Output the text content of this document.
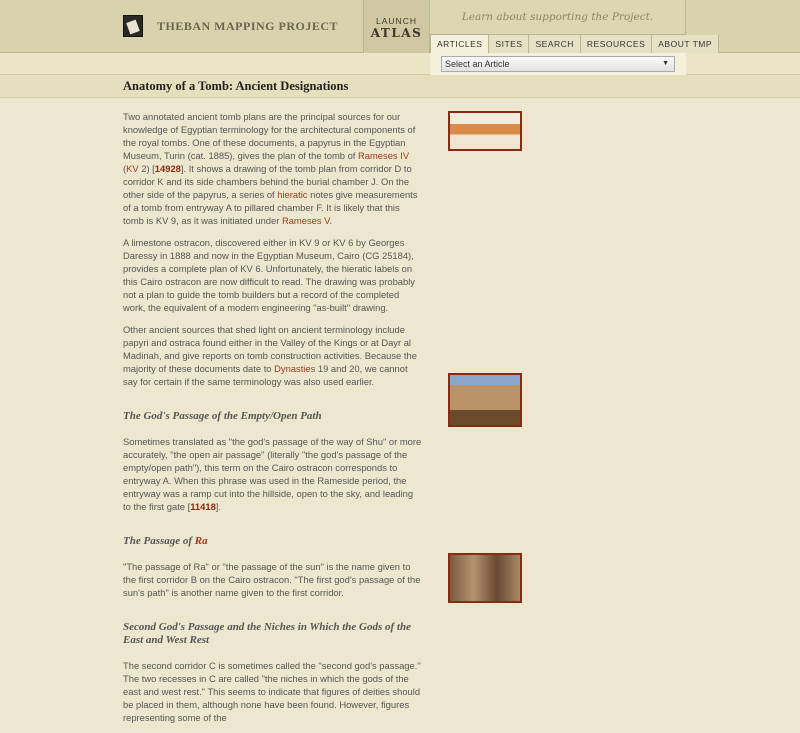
THEBAN MAPPING PROJECT	LAUNCH
ATLAS
Learn about supporting the Project.
ARTICLES	SITES	SEARCH	RESOURCES	ABOUT TMP
Select an Article	▼
Anatomy of a Tomb: Ancient Designations

Two annotated ancient tomb plans are the principal sources for our knowledge of Egyptian terminology for the architectural components of the royal tombs. One of these documents, a papyrus in the Egyptian Museum, Turin (cat. 1885), gives the plan of the tomb of Rameses IV (KV 2) [14928]. It shows a drawing of the tomb plan from corridor D to corridor K and its side chambers behind the burial chamber J. On the other side of the papyrus, a series of hieratic notes give measurements of a tomb from entryway A to pillared chamber F. It is likely that this tomb is KV 9, as it was initiated under Rameses V.

A limestone ostracon, discovered either in KV 9 or KV 6 by Georges Daressy in 1888 and now in the Egyptian Museum, Cairo (CG 25184), provides a complete plan of KV 6. Unfortunately, the hieratic labels on this Cairo ostracon are now difficult to read. The drawing was probably not a plan to guide the tomb builders but a record of the completed work, the equivalent of a modern engineering "as-built" drawing.

Other ancient sources that shed light on ancient terminology include papyri and ostraca found either in the Valley of the Kings or at Dayr al Madinah, and give reports on tomb construction activities. Because the majority of these documents date to Dynasties 19 and 20, we cannot say for certain if the same terminology was also used earlier.

The God's Passage of the Empty/Open Path

Sometimes translated as "the god's passage of the way of Shu" or more accurately, "the open air passage" (literally "the god's passage of the empty/open path"), this term on the Cairo ostracon corresponds to entryway A. When this phrase was used in the Rameside period, the entryway was a ramp cut into the hillside, open to the sky, and leading to the first gate [11418].

The Passage of Ra

"The passage of Ra" or "the passage of the sun" is the name given to the first corridor B on the Cairo ostracon. "The first god's passage of the sun's path" is another name given to the first corridor.

Second God's Passage and the Niches in Which the Gods of the East and West Rest

The second corridor C is sometimes called the "second god's passage." The two recesses in C are called "the niches in which the gods of the east and west rest." This seems to indicate that figures of deities should be placed in them, although none have been found. However, figures representing some of the
